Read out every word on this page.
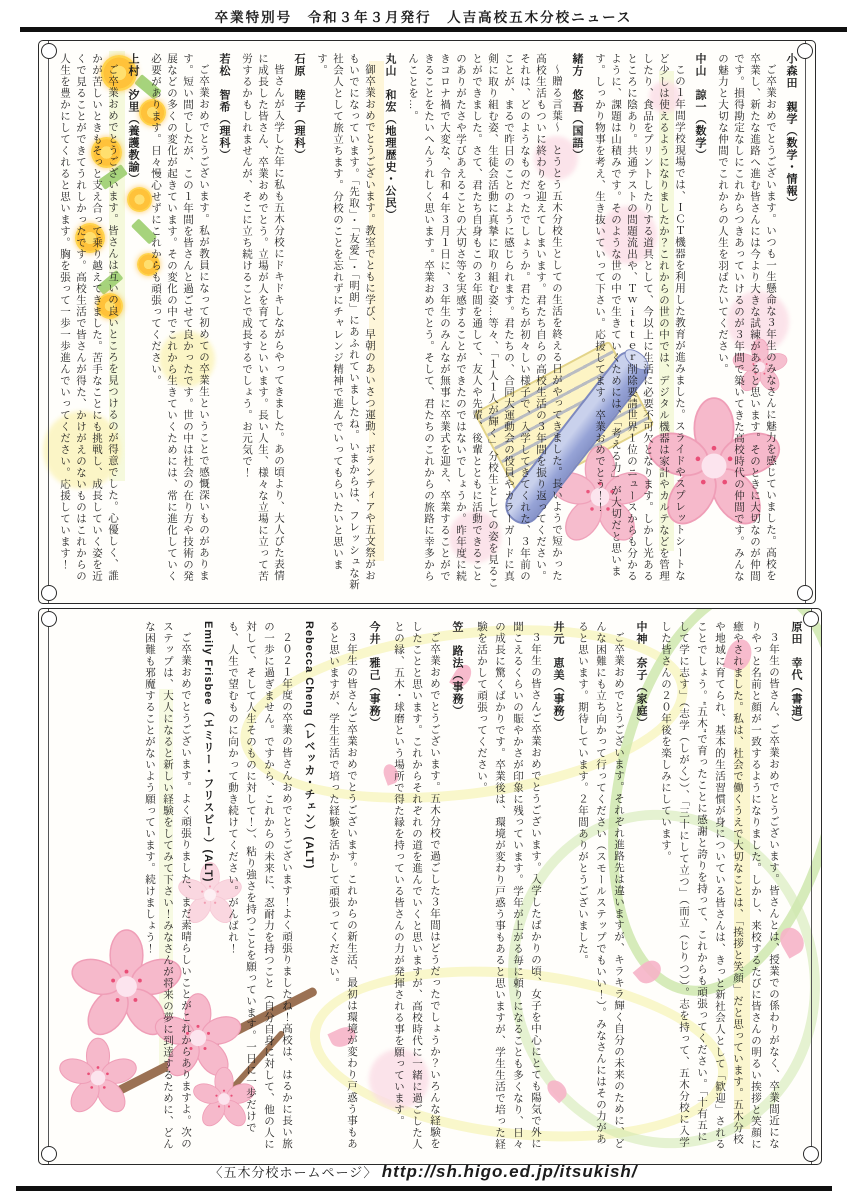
卒業特別号　令和３年３月発行　人吉高校五木分校ニュース
小森田　親学（数学・情報）

ご卒業おめでとうございます。いつも一生懸命な３年生のみなさんに魅力を感じていました。高校を卒業し、新たな進路へ進む皆さんには今より大きな試練があると思います。そのときに大切なのが仲間です。損得勘定なしにこれからつきあっていけるのが３年間で築いてきた高校時代の仲間です。みんなの魅力と大切な仲間でこれからの人生を羽ばたいてください。

中山　諒一（数学）

この１年間学校現場では、ＩＣＴ機器を利用した教育が進みました。スライドやスプレットシートなど少しは使えるようになりましたか？これからの世の中では、デジタル機器は家計やカルテなどを管理したり、食品をプリントしたりする道具として、今以上に生活に必要不可欠となります。しかし光あるところに陰あり。共通テストの問題流出や、Ｔｗｉｔｔｅｒ削除要請世界１位のニュースからも分かるように、課題は山積みです。そのような世の中で生きていくためには、「考える力」が大切だと思います。しっかり物事を考え、生き抜いていって下さい。応援してます。卒業おめでとう！！

緒方　悠吾（国語）

〜贈る言葉〜　とうとう五木分校生としての生活を終える日がやってきました。長いようで短かった高校生活もついに終わりを迎えてしまいます。君たち自らの高校生活の３年間を振り返ってください。それは、どのようなものだったでしょうか。君たちが初々しい様子で、入学してきてくれた、３年前のことが、まるで昨日のことのように感じられます。君たちの、合同大運動会の役員やカラーガードに真剣に取り組む姿、生徒会活動に真摯に取り組む姿…等々、「１人１人が輝く」分校生としての姿を見ることができました。さて、君たち自身もこの３年間を通して、友人や先輩、後輩とともに活動できることのありがたさや学びあえることの大切さ等を実感することができたのではないでしょうか。昨年度に続きコロナ禍で大変な、令和４年３月１日に、３年生のみんなが無事に卒業式を迎え、卒業することができることをたいへんうれしく思います。卒業おめでとう。そして、君たちのこれからの旅路に幸多からんことを…。

丸山　和宏（地理歴史・公民）

御卒業おめでとうございます。教室でともに学び、早朝のあいさつ運動、ボランティアや五文祭がおもいでになっています。「先取」・「友愛」・「明朗」にあふれていましたね。いまからは、フレッシュな新社会人として旅立ちます。分校のことを忘れずにチャレンジ精神で進んでいってもらいたいと思います。

石原　睦子（理科）

皆さんが入学した年に私も五木分校にドキドキしながらやってきました。あの頃より、大人びた表情に成長した皆さん、卒業おめでとう。立場が人を育てるといいます。長い人生、様々な立場に立って苦労するかもしれませんが、そこに立ち続けることで成長するでしょう。お元気で！

若松　智希（理科）

ご卒業おめでとうございます。私が教員になって初めての卒業生ということで感慨深いものがあります。短い間でしたが、この１年間を皆さんと過ごせて良かったです。世の中は社会の在り方や技術の発展などの多くの変化が起きています。その変化の中でこれから生きていくためには、常に進化していく必要があります。日々慢心せずにこれからも頑張ってください。

上村　汐里（養護教諭）

ご卒業おめでとうございます。皆さんは互いの良いところを見つけるのが得意でした。心優しく、誰かが苦しいときもそっと支え合って乗り越えてきました。苦手なことにも挑戦し、成長していく姿を近くで見ることができてうれしかったです。高校生活で皆さんが得た、かけがえのないものはこれからの人生を豊かにしてくれると思います。胸を張って一歩一歩進んでいってください。応援しています！

原田　幸代（書道）

３年生の皆さん、ご卒業おめでとうございます。皆さんとは、授業での係わりがなく、卒業間近になりやっと名前と顔が一致するようになりました。しかし、来校するたびに皆さんの明るい挨拶と笑顔に癒やされました。私は、社会で働くうえで大切なことは、「挨拶と笑顔」だと思っています。五木分校や地域に育てられ、基本的生活習慣が身についている皆さんは、きっと新社会人として「歓迎」されることでしょう。“五木”で育ったことに感謝と誇りを持って、これからも頑張ってください。「十有五にして学に志す」（志学（しがく））、「三十にして立つ」（而立（じりつ））。志を持って、五木分校に入学した皆さんの２０年後を楽しみにしています。

中神　奈子（家庭）

ご卒業おめでとうございます。それぞれ進路先は違いますが、キラキラ輝く自分の未来のために、どんな困難にも立ち向かって行ってください（スモールステップでもいい！）。みなさんにはその力があると思います。期待しています。２年間ありがとうございました。

井元　恵美（事務）

３年生の皆さんご卒業おめでとうございます。入学したばかりの頃、女子を中心にとても陽気で外に聞こえるくらいの賑やかさが印象に残っています。学年が上がる毎に頼りになることも多くなり、日々の成長に驚くばかりです。卒業後は、環境が変わり戸惑う事もあると思いますが、学生生活で培った経験を活かして頑張ってください。

笠　路法（事務）

ご卒業おめでとうございます。五木分校で過ごした３年間はどうだったでしょうか？いろんな経験をしたことと思います。これからそれぞれの道を進んでいくと思いますが、高校時代に一緒に過ごした人との縁、五木・球磨という場所で得た縁を持っている皆さんの力が発揮される事を願っています。

今井　雅己（事務）

３年生の皆さんご卒業おめでとうございます。これからの新生活、最初は環境が変わり戸惑う事もあると思いますが、学生生活で培った経験を活かして頑張ってください。

Rebecca Cheng（レベッカ・チェン）(ALT)

２０２１年度の卒業の皆さんおめでとうございます！よく頑張りましたね！高校は、はるかに長い旅の一歩に過ぎません。ですから、これからの未来に、忍耐力を持つこと（自分自身に対して、他の人に対して、そして人生そのものに対して！）、粘り強さを持つことを願っています。一日に一歩だけでも、人生で望むものに向かって動き続けてください。がんばれ！

Emily Frisbee（エミリー・フリスビー）(ALT)

ご卒業おめでとうございます。よく頑張りました、まだ素晴らしいことがこれからありますよ。次のステップは、大人になると新しい経験をしてみて下さい！みなさんが将来の夢に到達するために、どんな困難も邪魔することがないよう願っています。続けましょう！

〈五木分校ホームページ〉 http://sh.higo.ed.jp/itsukish/
